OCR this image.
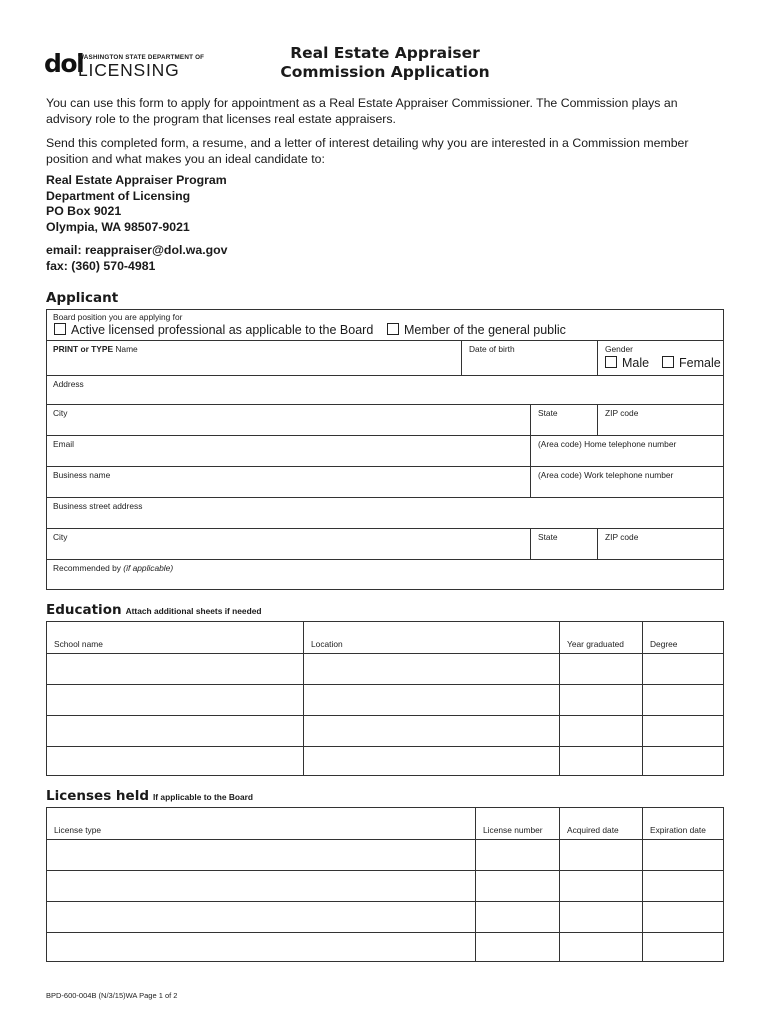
dol
WASHINGTON STATE DEPARTMENT OF
LICENSING
Real Estate Appraiser
Commission Application
You can use this form to apply for appointment as a Real Estate Appraiser Commissioner. The Commission plays an advisory role to the program that licenses real estate appraisers.
Send this completed form, a resume, and a letter of interest detailing why you are interested in a Commission member position and what makes you an ideal candidate to:
Real Estate Appraiser Program
Department of Licensing
PO Box 9021
Olympia, WA 98507-9021
email: reappraiser@dol.wa.gov
fax: (360) 570-4981
Applicant
Board position you are applying for
Active licensed professional as applicable to the Board	Member of the general public
PRINT or TYPE Name	Date of birth	Gender
Male	Female
Address
City	State	ZIP code
Email	(Area code) Home telephone number
Business name	(Area code) Work telephone number
Business street address
City	State	ZIP code
Recommended by (if applicable)
Education Attach additional sheets if needed
School name	Location	Year graduated	Degree
Licenses held If applicable to the Board
License type	License number	Acquired date	Expiration date
BPD-600-004B (N/3/15)WA Page 1 of 2
